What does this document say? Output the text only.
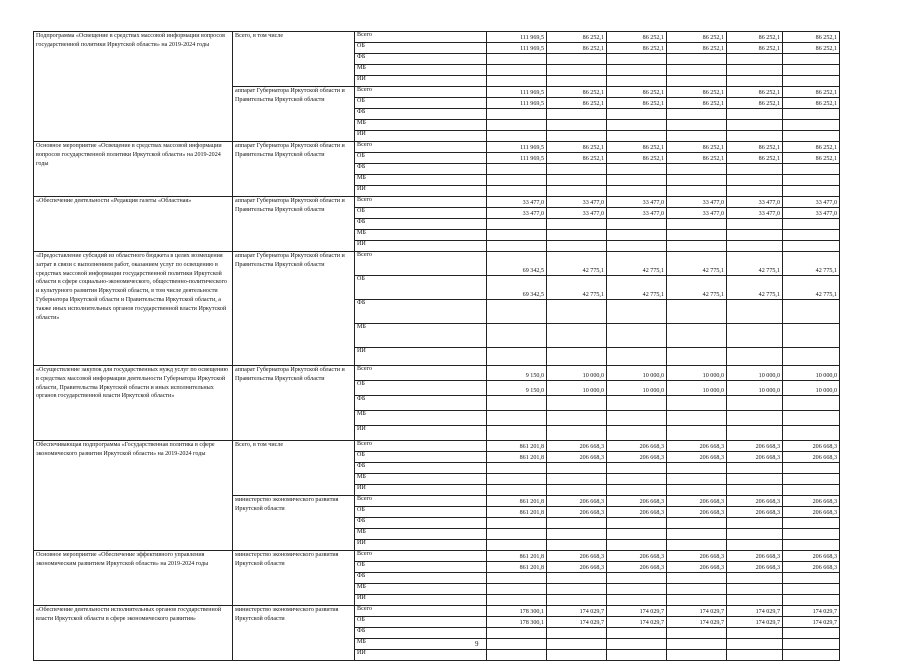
Подпрограмма «Освещение в средствах массовой информации вопросов государственной политики Иркутской области» на 2019-2024 годы	Всего, в том числе	Всего	111 969,5	86 252,1	86 252,1	86 252,1	86 252,1	86 252,1
		ОБ	111 969,5	86 252,1	86 252,1	86 252,1	86 252,1	86 252,1
		ФБ						
		МБ						
		ИИ						
	аппарат Губернатора Иркутской области и Правительства Иркутской области	Всего	111 969,5	86 252,1	86 252,1	86 252,1	86 252,1	86 252,1
		ОБ	111 969,5	86 252,1	86 252,1	86 252,1	86 252,1	86 252,1
		ФБ						
		МБ						
		ИИ						
Основное мероприятие «Освещение в средствах массовой информации вопросов государственной политики Иркутской области» на 2019-2024 годы	аппарат Губернатора Иркутской области и Правительства Иркутской области	Всего	111 969,5	86 252,1	86 252,1	86 252,1	86 252,1	86 252,1
		ОБ	111 969,5	86 252,1	86 252,1	86 252,1	86 252,1	86 252,1
		ФБ						
		МБ						
		ИИ						
«Обеспечение деятельности «Редакция газеты «Областная»	аппарат Губернатора Иркутской области и Правительства Иркутской области	Всего	33 477,0	33 477,0	33 477,0	33 477,0	33 477,0	33 477,0
		ОБ	33 477,0	33 477,0	33 477,0	33 477,0	33 477,0	33 477,0
		ФБ						
		МБ						
		ИИ						
«Предоставление субсидий из областного бюджета в целях возмещения затрат в связи с выполнением работ, оказанием услуг по освещению в средствах массовой информации государственной политики Иркутской области в сфере социально-экономического, общественно-политического и культурного развития Иркутской области, в том числе деятельности Губернатора Иркутской области и Правительства Иркутской области, а также иных исполнительных органов государственной власти Иркутской области»	аппарат Губернатора Иркутской области и Правительства Иркутской области	Всего	69 342,5	42 775,1	42 775,1	42 775,1	42 775,1	42 775,1
		ОБ	69 342,5	42 775,1	42 775,1	42 775,1	42 775,1	42 775,1
		ФБ						
		МБ						
		ИИ						
«Осуществление закупок для государственных нужд услуг по освещению в средствах массовой информации деятельности Губернатора Иркутской области, Правительства Иркутской области и иных исполнительных органов государственной власти Иркутской области»	аппарат Губернатора Иркутской области и Правительства Иркутской области	Всего	9 150,0	10 000,0	10 000,0	10 000,0	10 000,0	10 000,0
		ОБ	9 150,0	10 000,0	10 000,0	10 000,0	10 000,0	10 000,0
		ФБ						
		МБ						
		ИИ						
Обеспечивающая подпрограмма «Государственная политика в сфере экономического развития Иркутской области» на 2019-2024 годы	Всего, в том числе	Всего	861 201,8	206 668,3	206 668,3	206 668,3	206 668,3	206 668,3
		ОБ	861 201,8	206 668,3	206 668,3	206 668,3	206 668,3	206 668,3
		ФБ						
		МБ						
		ИИ						
	министерство экономического развития Иркутской области	Всего	861 201,8	206 668,3	206 668,3	206 668,3	206 668,3	206 668,3
		ОБ	861 201,8	206 668,3	206 668,3	206 668,3	206 668,3	206 668,3
		ФБ						
		МБ						
		ИИ						
Основное мероприятие «Обеспечение эффективного управления экономическим развитием Иркутской области» на 2019-2024 годы	министерство экономического развития Иркутской области	Всего	861 201,8	206 668,3	206 668,3	206 668,3	206 668,3	206 668,3
		ОБ	861 201,8	206 668,3	206 668,3	206 668,3	206 668,3	206 668,3
		ФБ						
		МБ						
		ИИ						
«Обеспечение деятельности исполнительных органов государственной власти Иркутской области в сфере экономического развития»	министерство экономического развития Иркутской области	Всего	178 300,1	174 029,7	174 029,7	174 029,7	174 029,7	174 029,7
		ОБ	178 300,1	174 029,7	174 029,7	174 029,7	174 029,7	174 029,7
		ФБ						
		МБ						
		ИИ						
9
